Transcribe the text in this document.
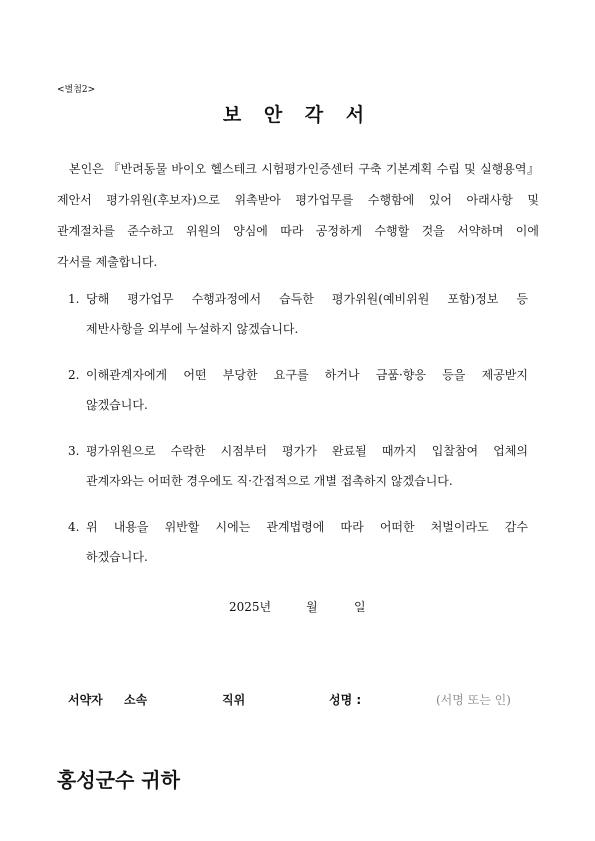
<별첨2>
보 안 각 서
본인은 『반려동물 바이오 헬스테크 시험평가인증센터 구축 기본계획 수립 및 실행용역』
제안서 평가위원(후보자)으로 위촉받아 평가업무를 수행함에 있어 아래사항 및
관계절차를 준수하고 위원의 양심에 따라 공정하게 수행할 것을 서약하며 이에
각서를 제출합니다.
1. 당해 평가업무 수행과정에서 습득한 평가위원(예비위원 포함)정보 등
제반사항을 외부에 누설하지 않겠습니다.
2. 이해관계자에게 어떤 부당한 요구를 하거나 금품·향응 등을 제공받지
않겠습니다.
3. 평가위원으로 수락한 시점부터 평가가 완료될 때까지 입찰참여 업체의
관계자와는 어떠한 경우에도 직·간접적으로 개별 접촉하지 않겠습니다.
4. 위 내용을 위반할 시에는 관계법령에 따라 어떠한 처벌이라도 감수
하겠습니다.
2025년	월	일
서약자 소속	직위	성명 :	(서명 또는 인)
홍성군수 귀하
